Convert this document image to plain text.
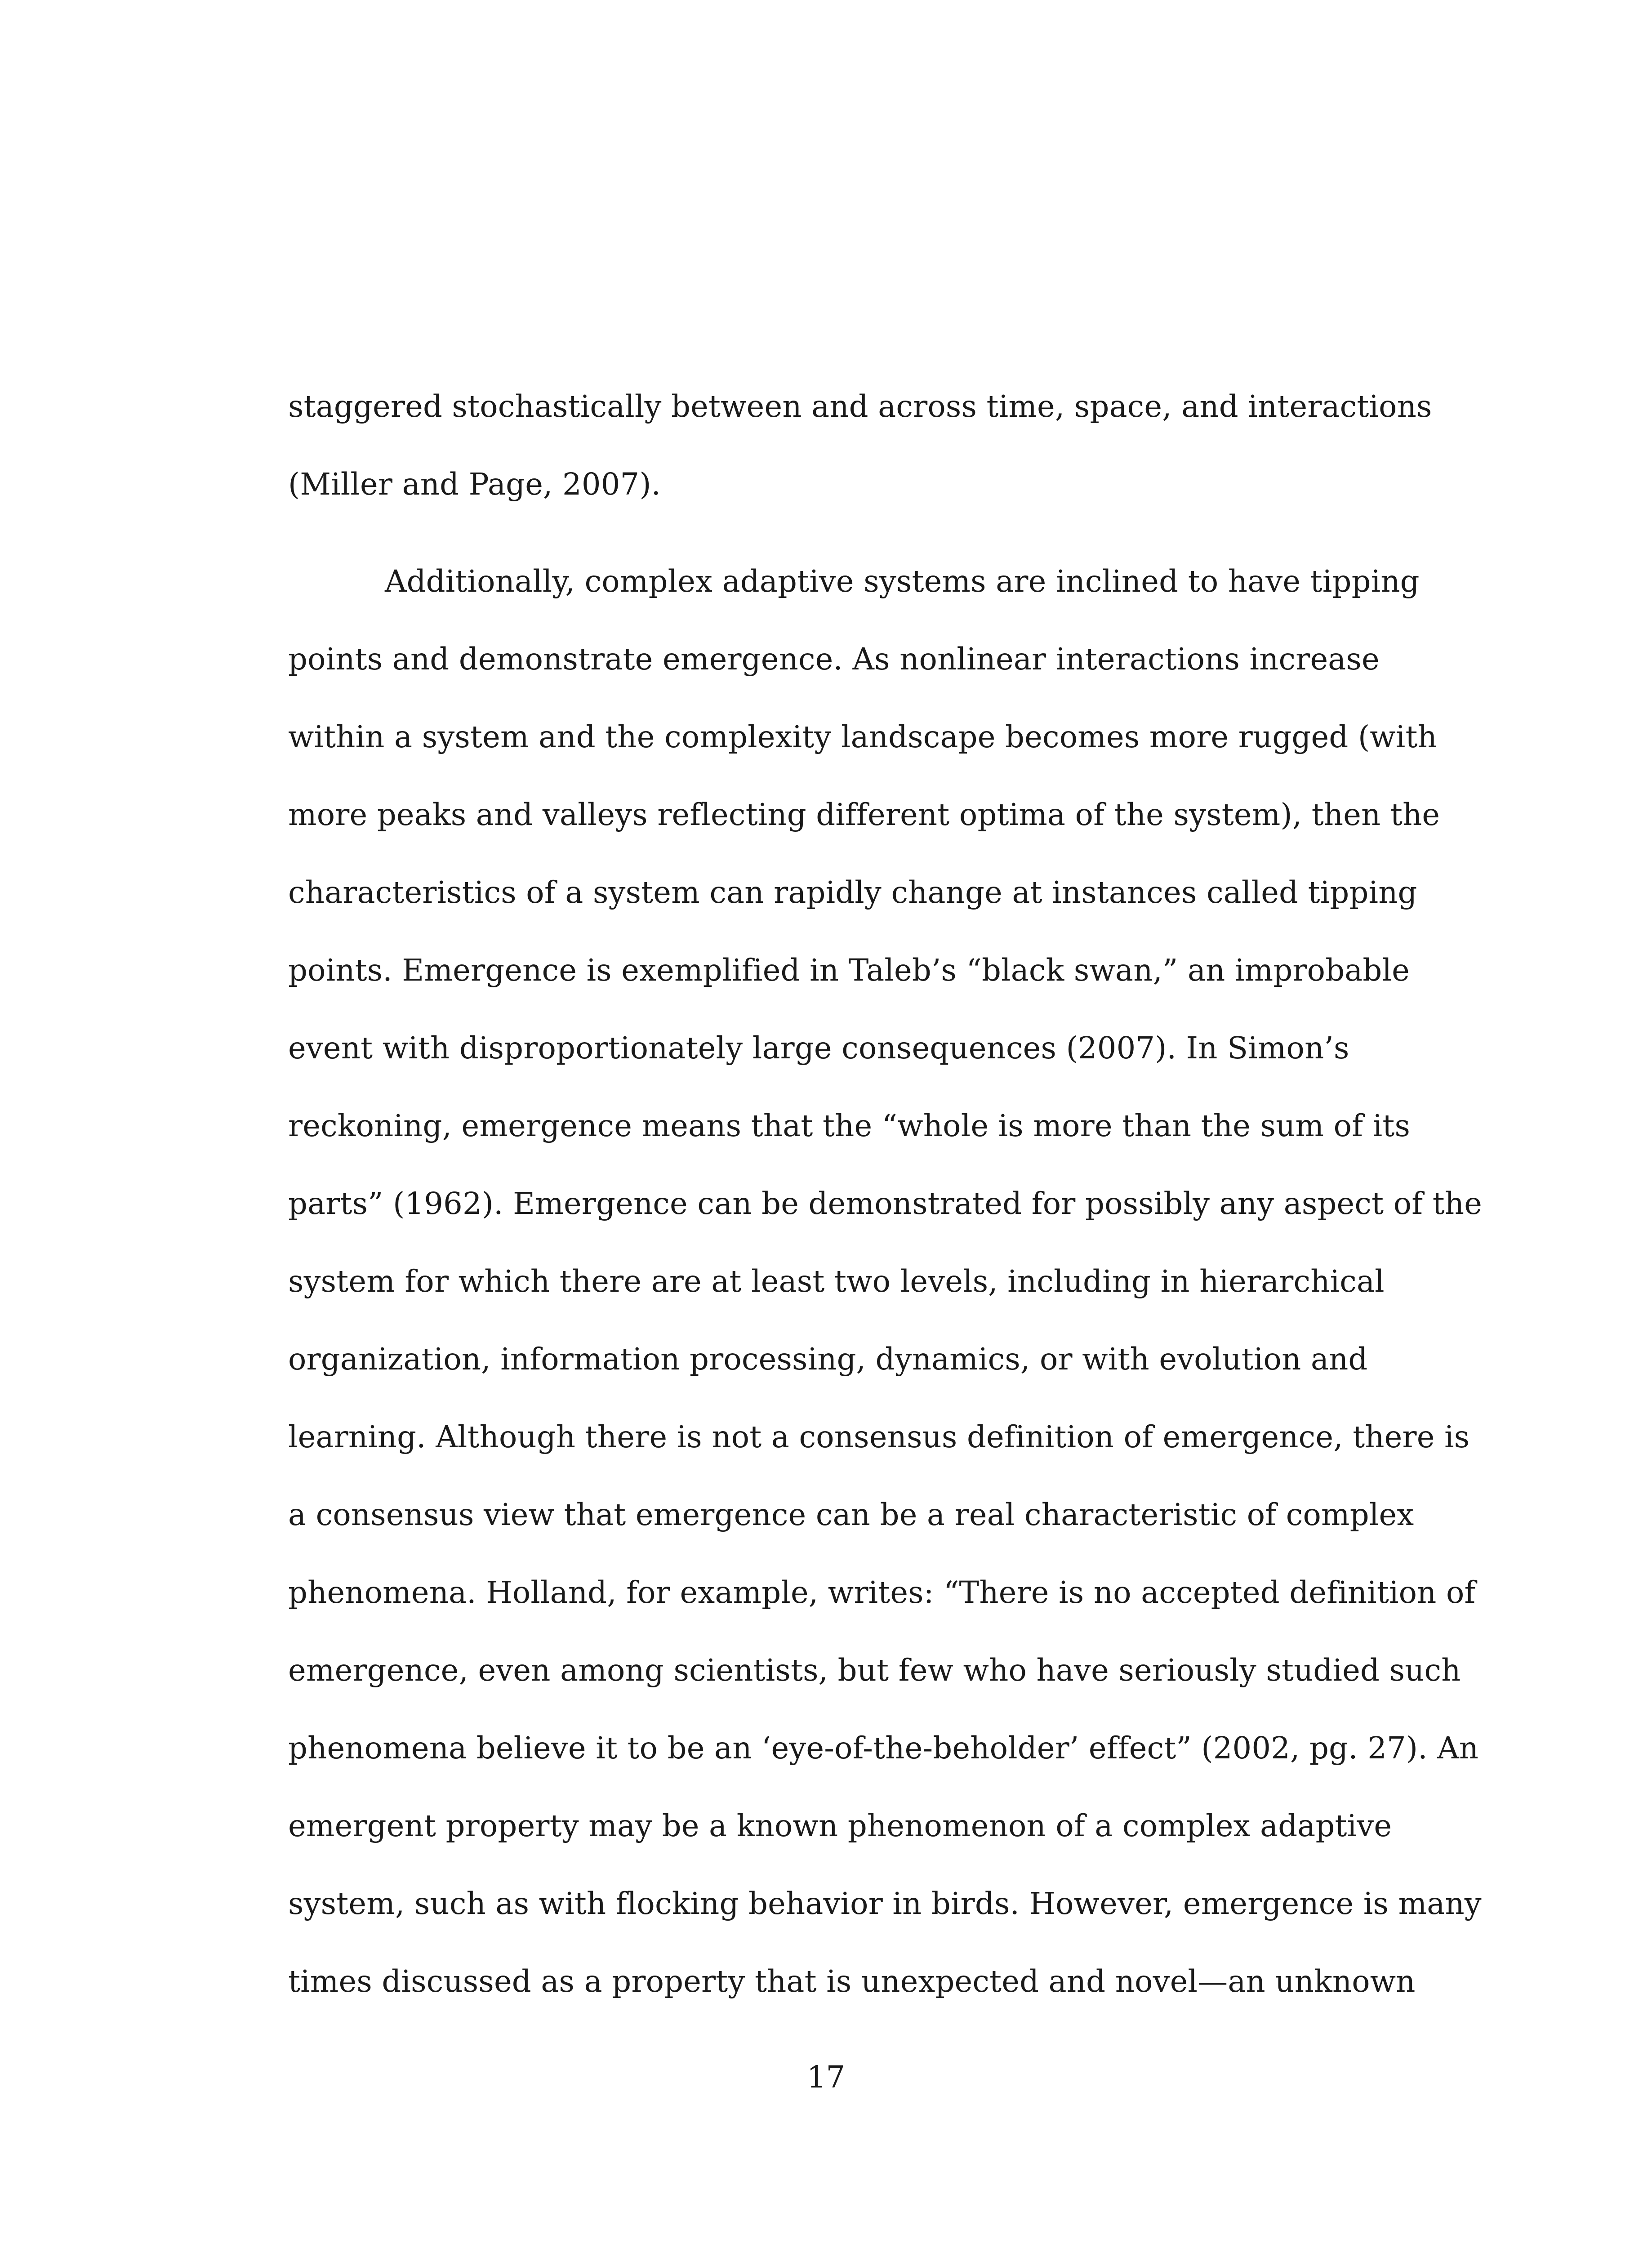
staggered stochastically between and across time, space, and interactions
(Miller and Page, 2007).
Additionally, complex adaptive systems are inclined to have tipping
points and demonstrate emergence. As nonlinear interactions increase
within a system and the complexity landscape becomes more rugged (with
more peaks and valleys reflecting different optima of the system), then the
characteristics of a system can rapidly change at instances called tipping
points. Emergence is exemplified in Taleb’s “black swan,” an improbable
event with disproportionately large consequences (2007). In Simon’s
reckoning, emergence means that the “whole is more than the sum of its
parts” (1962). Emergence can be demonstrated for possibly any aspect of the
system for which there are at least two levels, including in hierarchical
organization, information processing, dynamics, or with evolution and
learning. Although there is not a consensus definition of emergence, there is
a consensus view that emergence can be a real characteristic of complex
phenomena. Holland, for example, writes: “There is no accepted definition of
emergence, even among scientists, but few who have seriously studied such
phenomena believe it to be an ‘eye-of-the-beholder’ effect” (2002, pg. 27). An
emergent property may be a known phenomenon of a complex adaptive
system, such as with flocking behavior in birds. However, emergence is many
times discussed as a property that is unexpected and novel—an unknown
17
